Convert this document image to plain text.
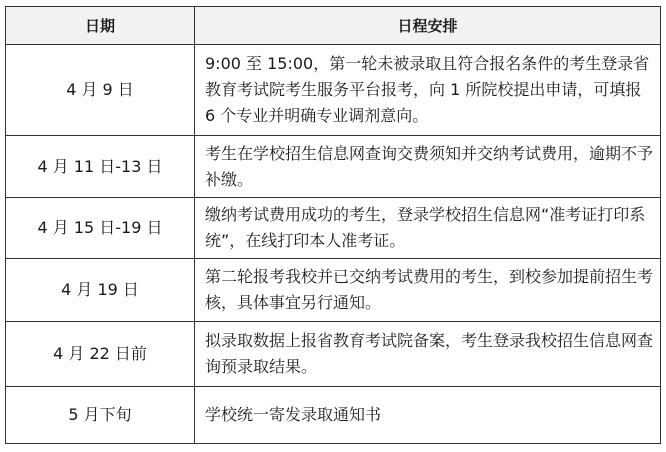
日期	日程安排
4 月 9 日	9:00 至 15:00，第一轮未被录取且符合报名条件的考生登录省教育考试院考生服务平台报考，向 1 所院校提出申请，可填报 6 个专业并明确专业调剂意向。
4 月 11 日-13 日	考生在学校招生信息网查询交费须知并交纳考试费用，逾期不予补缴。
4 月 15 日-19 日	缴纳考试费用成功的考生，登录学校招生信息网“准考证打印系统”，在线打印本人准考证。
4 月 19 日	第二轮报考我校并已交纳考试费用的考生，到校参加提前招生考核，具体事宜另行通知。
4 月 22 日前	拟录取数据上报省教育考试院备案，考生登录我校招生信息网查询预录取结果。
5 月下旬	学校统一寄发录取通知书
